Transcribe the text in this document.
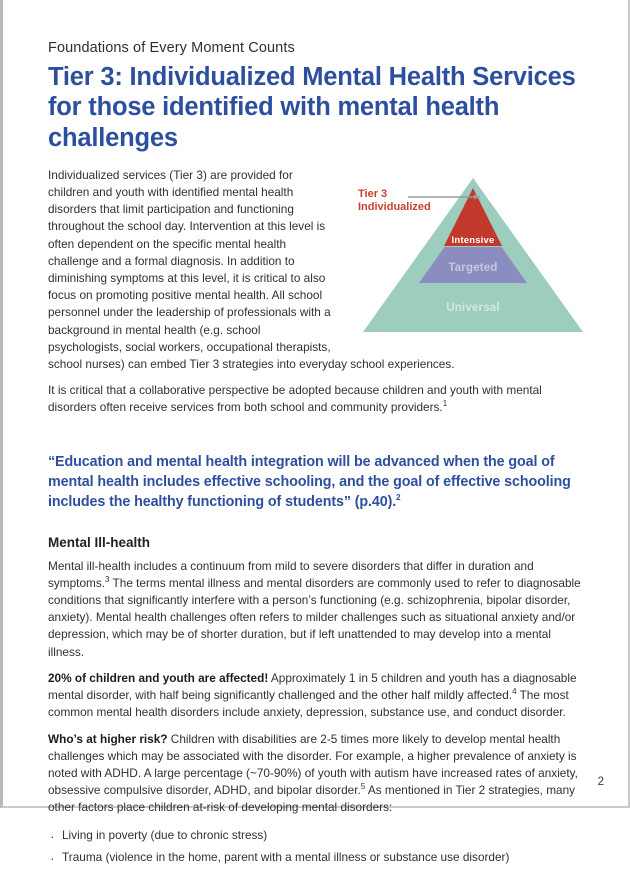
Foundations of Every Moment Counts
Tier 3: Individualized Mental Health Services for those identified with mental health challenges
Intensive
Targeted
Universal
Tier 3
Individualized

Individualized services (Tier 3) are provided for children and youth with identified mental health disorders that limit participation and functioning throughout the school day. Intervention at this level is often dependent on the specific mental health challenge and a formal diagnosis. In addition to diminishing symptoms at this level, it is critical to also focus on promoting positive mental health. All school personnel under the leadership of professionals with a background in mental health (e.g. school psychologists, social workers, occupational therapists, school nurses) can embed Tier 3 strategies into everyday school experiences.

It is critical that a collaborative perspective be adopted because children and youth with mental disorders often receive services from both school and community providers.$^1$

“Education and mental health integration will be advanced when the goal of mental health includes effective schooling, and the goal of effective schooling includes the healthy functioning of students” (p.40).$^2$
Mental Ill-health

Mental ill-health includes a continuum from mild to severe disorders that differ in duration and symptoms.$^3$ The terms mental illness and mental disorders are commonly used to refer to diagnosable conditions that significantly interfere with a person’s functioning (e.g. schizophrenia, bipolar disorder, anxiety). Mental health challenges often refers to milder challenges such as situational anxiety and/or depression, which may be of shorter duration, but if left unattended to may develop into a mental illness.

20% of children and youth are affected! Approximately 1 in 5 children and youth has a diagnosable mental disorder, with half being significantly challenged and the other half mildly affected.$^4$ The most common mental health disorders include anxiety, depression, substance use, and conduct disorder.

Who’s at higher risk? Children with disabilities are 2-5 times more likely to develop mental health challenges which may be associated with the disorder. For example, a higher prevalence of anxiety is noted with ADHD. A large percentage (~70-90%) of youth with autism have increased rates of anxiety, obsessive compulsive disorder, ADHD, and bipolar disorder.$^5$ As mentioned in Tier 2 strategies, many other factors place children at-risk of developing mental disorders:

· Living in poverty (due to chronic stress)
· Trauma (violence in the home, parent with a mental illness or substance use disorder)
2
